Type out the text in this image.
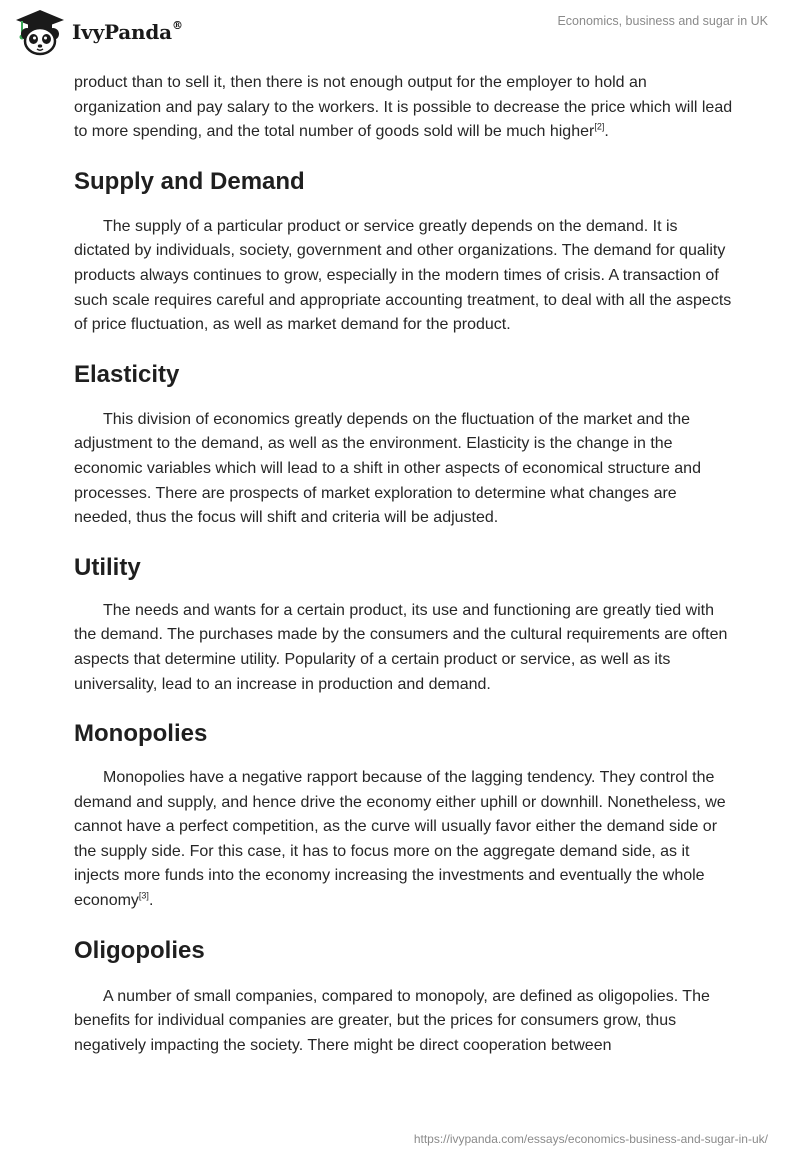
IvyPanda®	Economics, business and sugar in UK

product than to sell it, then there is not enough output for the employer to hold an organization and pay salary to the workers. It is possible to decrease the price which will lead to more spending, and the total number of goods sold will be much higher[2].

Supply and Demand

The supply of a particular product or service greatly depends on the demand. It is dictated by individuals, society, government and other organizations. The demand for quality products always continues to grow, especially in the modern times of crisis. A transaction of such scale requires careful and appropriate accounting treatment, to deal with all the aspects of price fluctuation, as well as market demand for the product.

Elasticity

This division of economics greatly depends on the fluctuation of the market and the adjustment to the demand, as well as the environment. Elasticity is the change in the economic variables which will lead to a shift in other aspects of economical structure and processes. There are prospects of market exploration to determine what changes are needed, thus the focus will shift and criteria will be adjusted.

Utility

The needs and wants for a certain product, its use and functioning are greatly tied with the demand. The purchases made by the consumers and the cultural requirements are often aspects that determine utility. Popularity of a certain product or service, as well as its universality, lead to an increase in production and demand.

Monopolies

Monopolies have a negative rapport because of the lagging tendency. They control the demand and supply, and hence drive the economy either uphill or downhill. Nonetheless, we cannot have a perfect competition, as the curve will usually favor either the demand side or the supply side. For this case, it has to focus more on the aggregate demand side, as it injects more funds into the economy increasing the investments and eventually the whole economy[3].

Oligopolies

A number of small companies, compared to monopoly, are defined as oligopolies. The benefits for individual companies are greater, but the prices for consumers grow, thus negatively impacting the society. There might be direct cooperation between

https://ivypanda.com/essays/economics-business-and-sugar-in-uk/
